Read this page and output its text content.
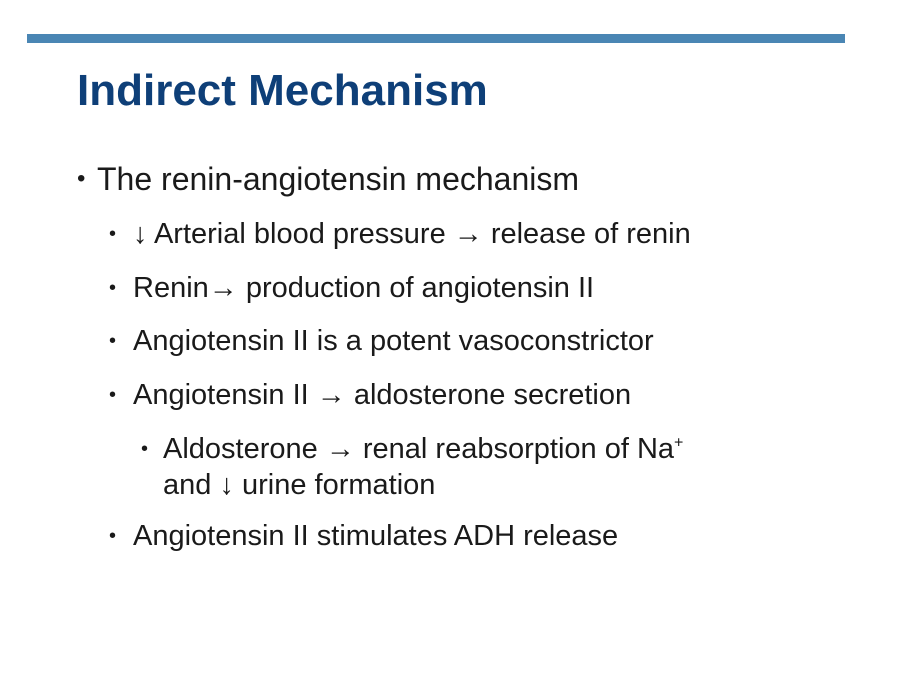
Indirect Mechanism
• The renin-angiotensin mechanism
• ↓ Arterial blood pressure → release of renin
• Renin→ production of angiotensin II
• Angiotensin II is a potent vasoconstrictor
• Angiotensin II → aldosterone secretion
• Aldosterone → renal reabsorption of Na+
and ↓ urine formation
• Angiotensin II stimulates ADH release
